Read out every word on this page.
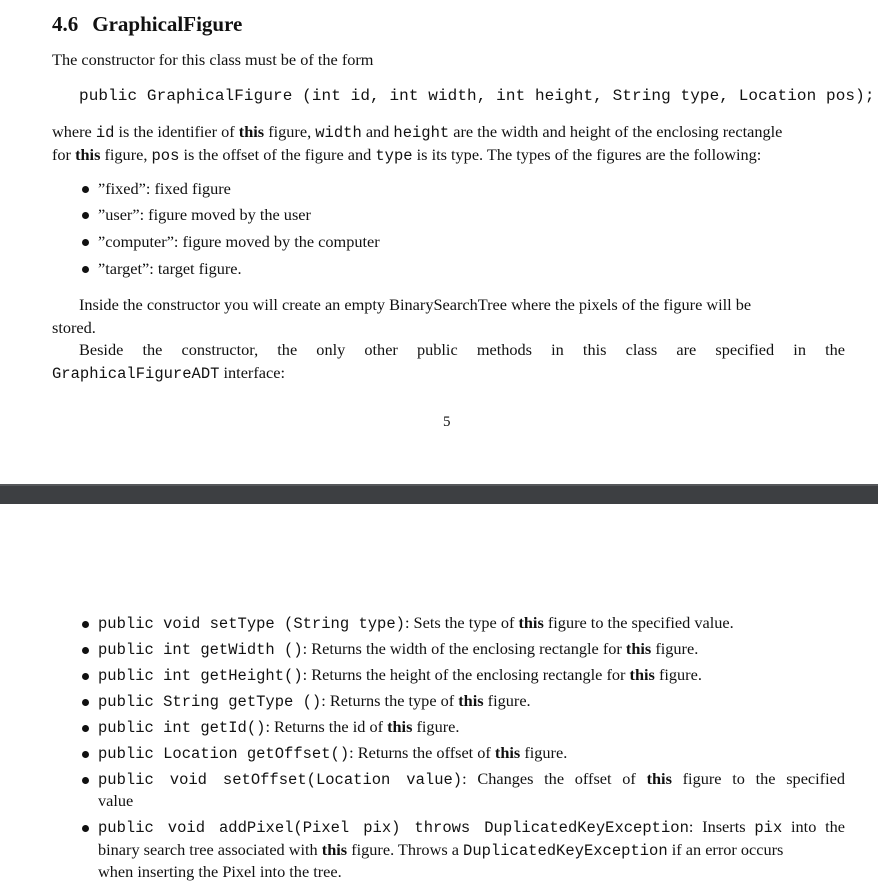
4.6 GraphicalFigure
The constructor for this class must be of the form
public GraphicalFigure (int id, int width, int height, String type, Location pos);
where id is the identifier of this figure, width and height are the width and height of the enclosing rectangle
for this figure, pos is the offset of the figure and type is its type. The types of the figures are the following:
”fixed”: fixed figure
”user”: figure moved by the user
”computer”: figure moved by the computer
”target”: target figure.
Inside the constructor you will create an empty BinarySearchTree where the pixels of the figure will be
stored.
Beside the constructor, the only other public methods in this class are specified in the
GraphicalFigureADT interface:
5
public void setType (String type): Sets the type of this figure to the specified value.
public int getWidth (): Returns the width of the enclosing rectangle for this figure.
public int getHeight(): Returns the height of the enclosing rectangle for this figure.
public String getType (): Returns the type of this figure.
public int getId(): Returns the id of this figure.
public Location getOffset(): Returns the offset of this figure.
public void setOffset(Location value): Changes the offset of this figure to the specified
value
public void addPixel(Pixel pix) throws DuplicatedKeyException: Inserts pix into the
binary search tree associated with this figure. Throws a DuplicatedKeyException if an error occurs
when inserting the Pixel into the tree.
